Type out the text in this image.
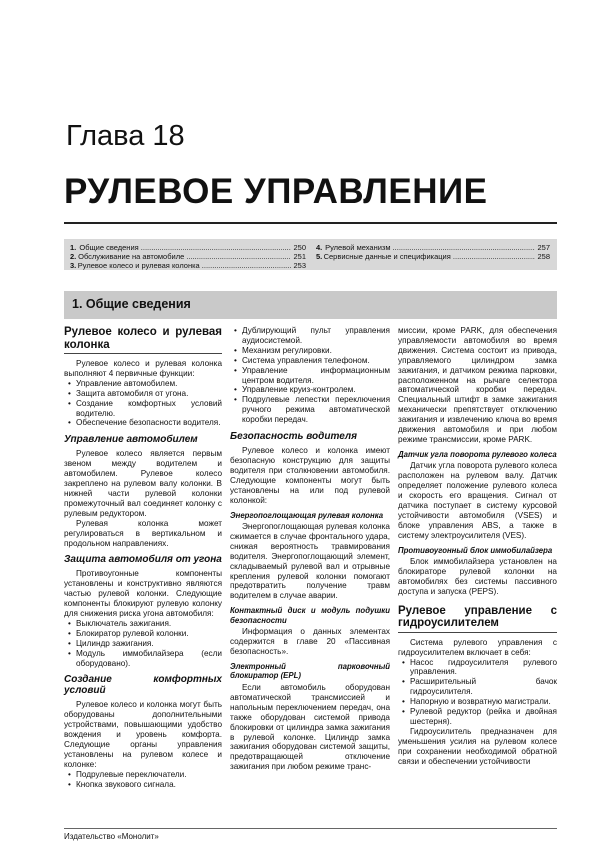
Глава 18
РУЛЕВОЕ УПРАВЛЕНИЕ
1. Общие сведения .....	250
2. Обслуживание на автомобиле .....	251
3. Рулевое колесо и рулевая колонка .....	253
4. Рулевой механизм .....	257
5. Сервисные данные и спецификация .....	258
1. Общие сведения
Рулевое колесо и рулевая колонка

Рулевое колесо и рулевая колонка выполняют 4 первичные функции:

• Управление автомобилем.
• Защита автомобиля от угона.
• Создание комфортных условий водителю.
• Обеспечение безопасности водителя.
Управление автомобилем

Рулевое колесо является первым звеном между водителем и автомобилем. Рулевое колесо закреплено на рулевом валу колонки. В нижней части рулевой колонки промежуточный вал соединяет колонку с рулевым редуктором.

Рулевая колонка может регулироваться в вертикальном и продольном направлениях.

Защита автомобиля от угона

Противоугонные компоненты установлены и конструктивно являются частью рулевой колонки. Следующие компоненты блокируют рулевую колонку для снижения риска угона автомобиля:

• Выключатель зажигания.
• Блокиратор рулевой колонки.
• Цилиндр зажигания.
• Модуль иммобилайзера (если оборудовано).
Создание комфортных условий

Рулевое колесо и колонка могут быть оборудованы дополнительными устройствами, повышающими удобство вождения и уровень комфорта. Следующие органы управления установлены на рулевом колесе и колонке:

• Подрулевые переключатели.
• Кнопка звукового сигнала.
• Дублирующий пульт управления аудиосистемой.
• Механизм регулировки.
• Система управления телефоном.
• Управление информационным центром водителя.
• Управление круиз-контролем.
• Подрулевые лепестки переключения ручного режима автоматической коробки передач.
Безопасность водителя

Рулевое колесо и колонка имеют безопасную конструкцию для защиты водителя при столкновении автомобиля. Следующие компоненты могут быть установлены на или под рулевой колонкой:

Энергопоглощающая рулевая колонка

Энергопоглощающая рулевая колонка сжимается в случае фронтального удара, снижая вероятность травмирования водителя. Энергопоглощающий элемент, складываемый рулевой вал и отрывные крепления рулевой колонки помогают предотвратить получение травм водителем в случае аварии.

Контактный диск и модуль подушки безопасности

Информация о данных элементах содержится в главе 20 «Пассивная безопасность».

Электронный парковочный блокиратор (EPL)

Если автомобиль оборудован автоматической трансмиссией и напольным переключением передач, она также оборудован системой привода блокировки от цилиндра замка зажигания в рулевой колонке. Цилиндр замка зажигания оборудован системой защиты, предотвращающей отключение зажигания при любом режиме транс-

миссии, кроме PARK, для обеспечения управляемости автомобиля во время движения. Система состоит из привода, управляемого цилиндром замка зажигания, и датчиком режима парковки, расположенном на рычаге селектора автоматической коробки передач. Специальный штифт в замке зажигания механически препятствует отключению зажигания и извлечению ключа во время движения автомобиля и при любом режиме трансмиссии, кроме PARK.

Датчик угла поворота рулевого колеса

Датчик угла поворота рулевого колеса расположен на рулевом валу. Датчик определяет положение рулевого колеса и скорость его вращения. Сигнал от датчика поступает в систему курсовой устойчивости автомобиля (VSES) и блоке управления ABS, а также в систему электроусилителя (VES).

Противоугонный блок иммобилайзера

Блок иммобилайзера установлен на блокираторе рулевой колонки на автомобилях без системы пассивного доступа и запуска (PEPS).

Рулевое управление с гидроусилителем

Система рулевого управления с гидроусилителем включает в себя:

• Насос гидроусилителя рулевого управления.
• Расширительный бачок гидроусилителя.
• Напорную и возвратную магистрали.
• Рулевой редуктор (рейка и двойная шестерня).

Гидроусилитель предназначен для уменьшения усилия на рулевом колесе при сохранении необходимой обратной связи и обеспечении устойчивости

Издательство «Монолит»
